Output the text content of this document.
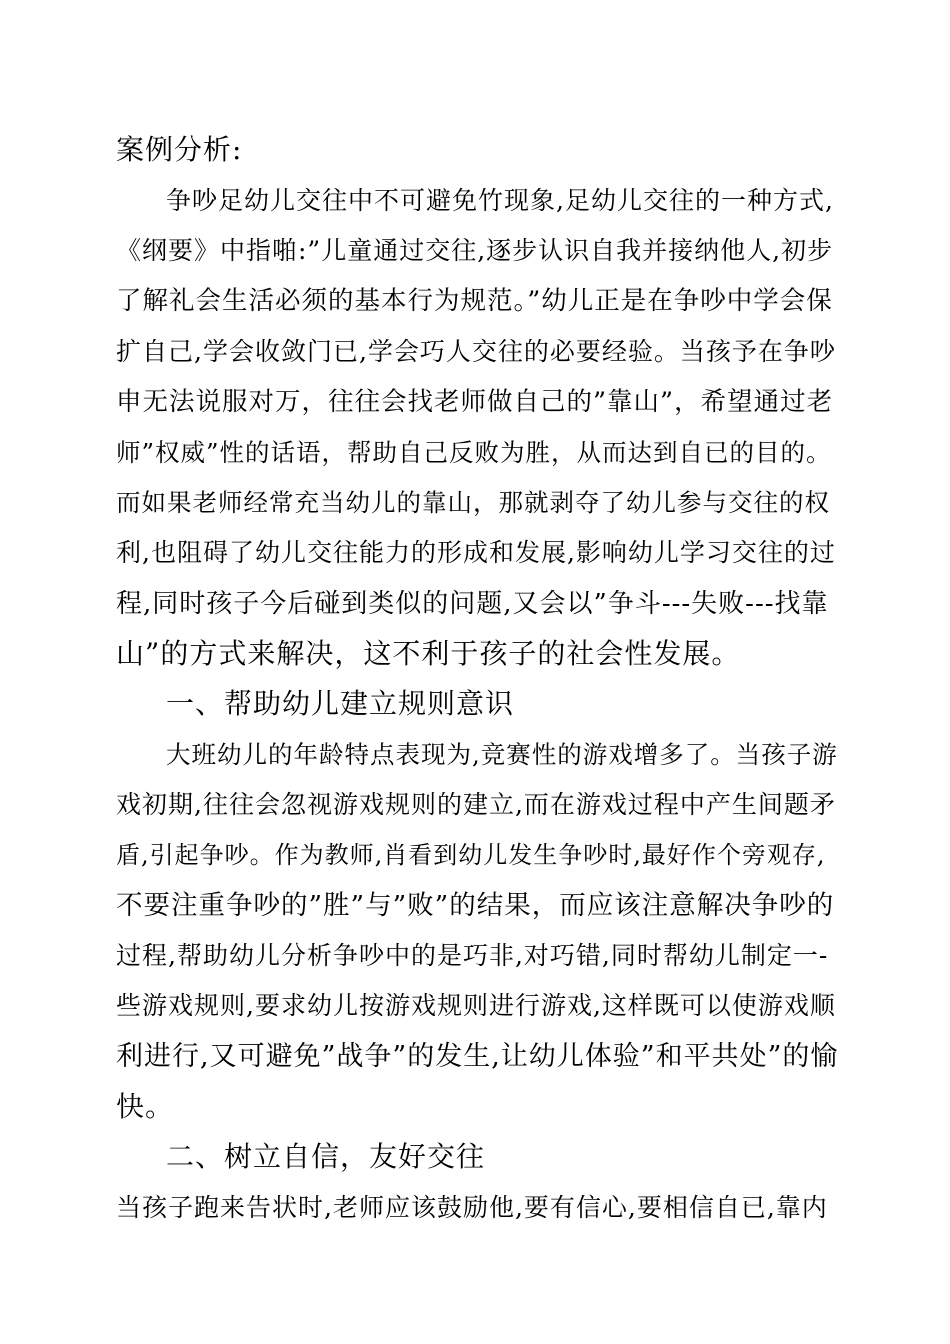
案例分析:
争吵足幼儿交往中不可避免竹现象,足幼儿交往的一种方式,
《纲要》中指啪:”儿童通过交往,逐步认识自我并接纳他人,初步
了解礼会生活必须的基本行为规范。”幼儿正是在争吵中学会保
扩自己,学会收敛门已,学会巧人交往的必要经验。当孩予在争吵
申无法说服对万，往往会找老师做自己的”靠山”，希望通过老
师”权威”性的话语，帮助自己反败为胜，从而达到自已的目的。
而如果老师经常充当幼儿的靠山，那就剥夺了幼儿参与交往的权
利,也阻碍了幼儿交往能力的形成和发展,影响幼儿学习交往的过
程,同时孩子今后碰到类似的问题,又会以”争斗---失败---找靠
山”的方式来解决，这不利于孩子的社会性发展。
一、帮助幼儿建立规则意识
大班幼儿的年龄特点表现为,竞赛性的游戏增多了。当孩子游
戏初期,往往会忽视游戏规则的建立,而在游戏过程中产生间题矛
盾,引起争吵。作为教师,肖看到幼儿发生争吵时,最好作个旁观存,
不要注重争吵的”胜”与”败”的结果，而应该注意解决争吵的
过程,帮助幼儿分析争吵中的是巧非,对巧错,同时帮幼儿制定一-
些游戏规则,要求幼儿按游戏规则进行游戏,这样既可以使游戏顺
利进行,又可避免”战争”的发生,让幼儿体验”和平共处”的愉
快。
二、树立自信，友好交往
当孩子跑来告状时,老师应该鼓励他,要有信心,要相信自已,靠内
